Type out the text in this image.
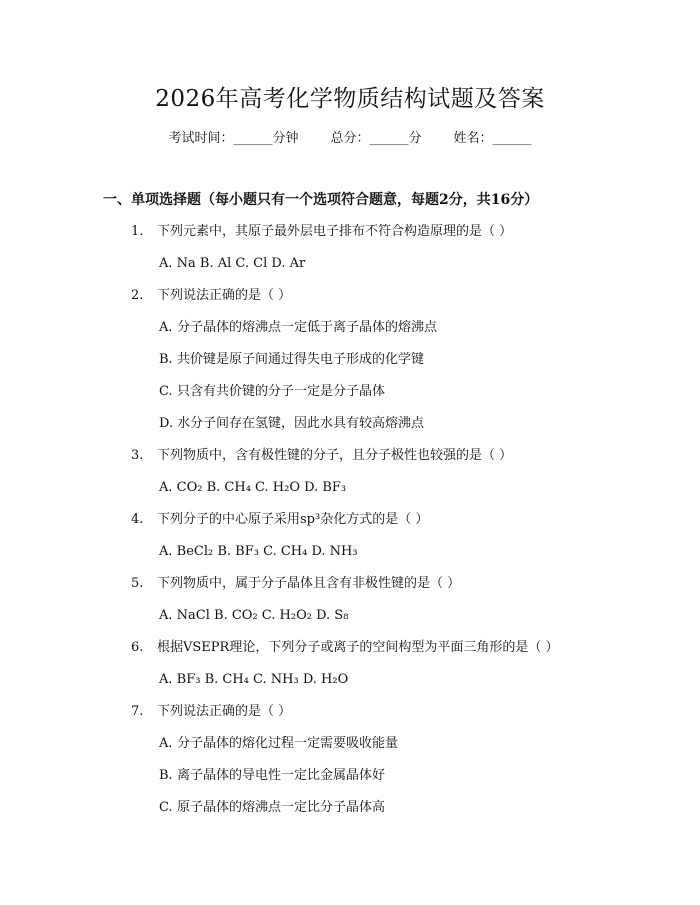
2026年高考化学物质结构试题及答案
考试时间：______分钟 总分：______分 姓名：______
一、单项选择题（每小题只有一个选项符合题意，每题2分，共16分）
1. 下列元素中，其原子最外层电子排布不符合构造原理的是（ ）
A. Na B. Al C. Cl D. Ar
2. 下列说法正确的是（ ）
A. 分子晶体的熔沸点一定低于离子晶体的熔沸点
B. 共价键是原子间通过得失电子形成的化学键
C. 只含有共价键的分子一定是分子晶体
D. 水分子间存在氢键，因此水具有较高熔沸点
3. 下列物质中，含有极性键的分子，且分子极性也较强的是（ ）
A. CO₂ B. CH₄ C. H₂O D. BF₃
4. 下列分子的中心原子采用sp³杂化方式的是（ ）
A. BeCl₂ B. BF₃ C. CH₄ D. NH₃
5. 下列物质中，属于分子晶体且含有非极性键的是（ ）
A. NaCl B. CO₂ C. H₂O₂ D. S₈
6. 根据VSEPR理论，下列分子或离子的空间构型为平面三角形的是（ ）
A. BF₃ B. CH₄ C. NH₃ D. H₂O
7. 下列说法正确的是（ ）
A. 分子晶体的熔化过程一定需要吸收能量
B. 离子晶体的导电性一定比金属晶体好
C. 原子晶体的熔沸点一定比分子晶体高
